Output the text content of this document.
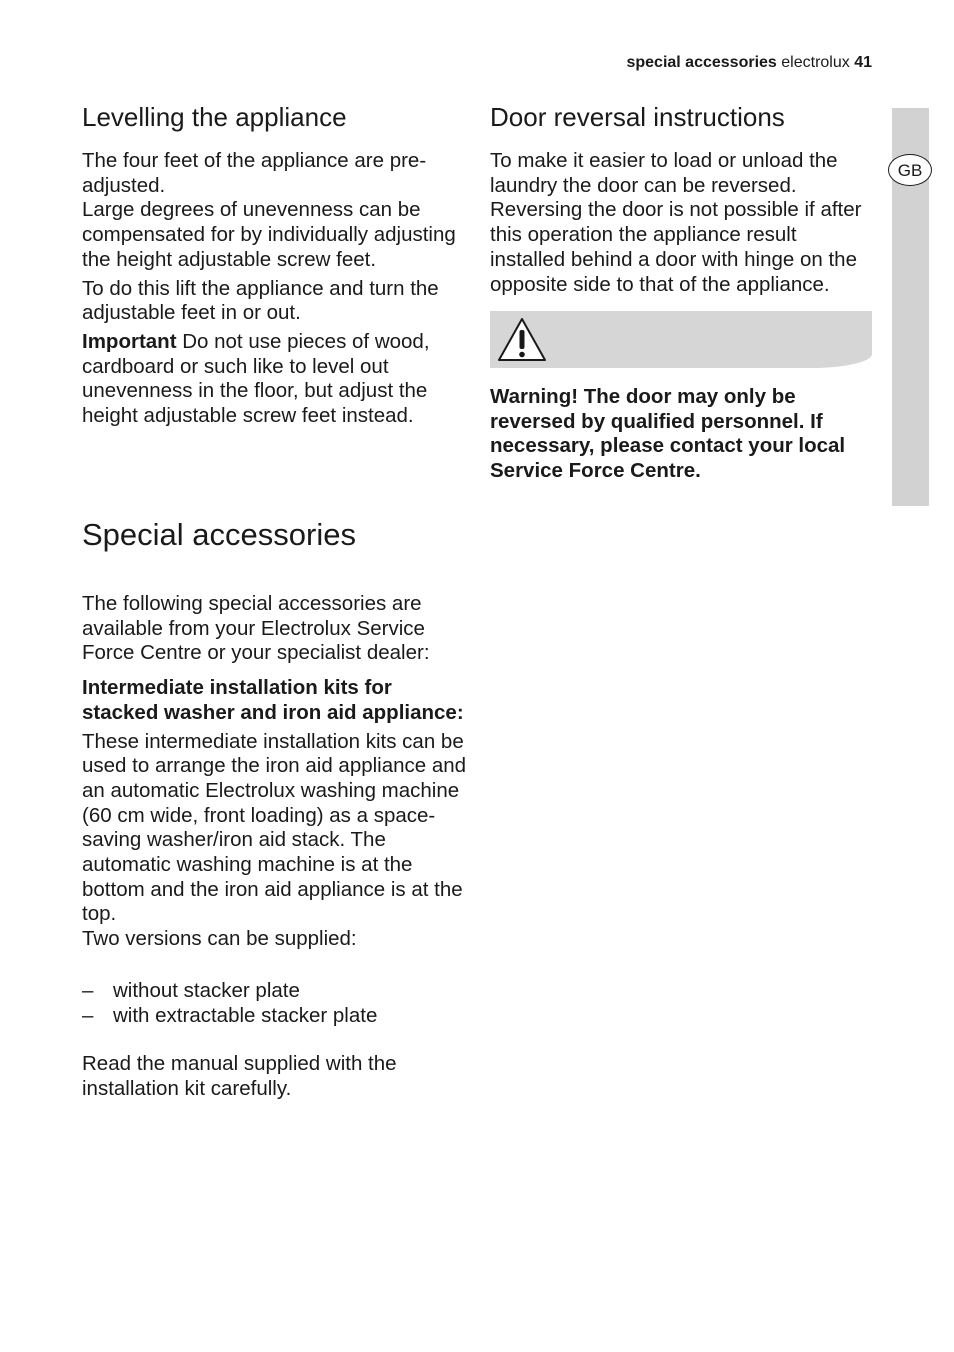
special accessories electrolux 41
GB
Levelling the appliance

The four feet of the appliance are pre-adjusted.

Large degrees of unevenness can be compensated for by individually adjusting the height adjustable screw feet.

To do this lift the appliance and turn the adjustable feet in or out.

Important Do not use pieces of wood, cardboard or such like to level out unevenness in the floor, but adjust the height adjustable screw feet instead.

Door reversal instructions

To make it easier to load or unload the laundry the door can be reversed. Reversing the door is not possible if after this operation the appliance result installed behind a door with hinge on the opposite side to that of the appliance.

Warning! The door may only be reversed by qualified personnel. If necessary, please contact your local Service Force Centre.

Special accessories

The following special accessories are available from your Electrolux Service Force Centre or your specialist dealer:

Intermediate installation kits for stacked washer and iron aid appliance:

These intermediate installation kits can be used to arrange the iron aid appliance and an automatic Electrolux washing machine (60 cm wide, front loading) as a space-saving washer/iron aid stack. The automatic washing machine is at the bottom and the iron aid appliance is at the top.

Two versions can be supplied:

– without stacker plate
– with extractable stacker plate

Read the manual supplied with the installation kit carefully.
